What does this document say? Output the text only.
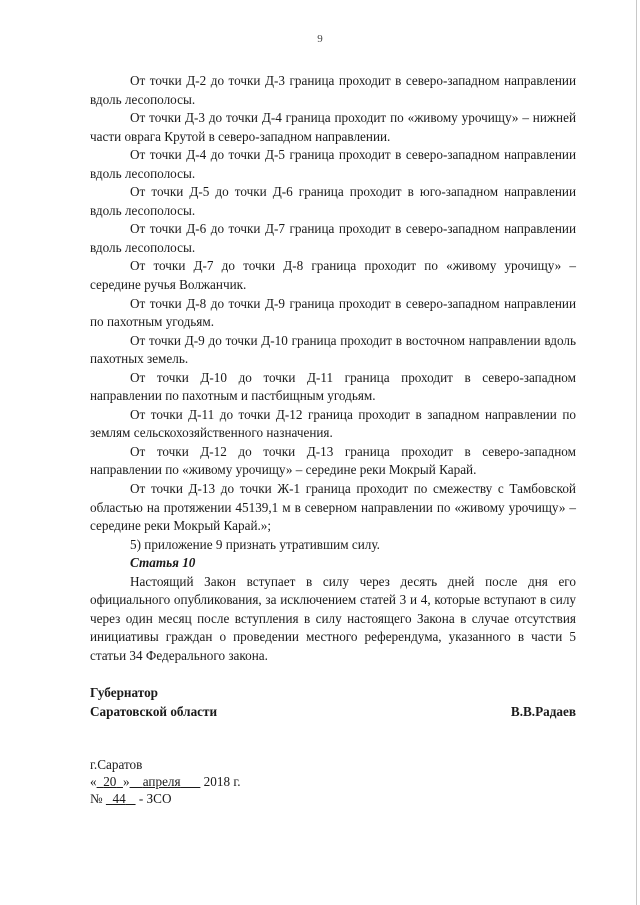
9

От точки Д-2 до точки Д-3 граница проходит в северо-западном направлении вдоль лесополосы.

От точки Д-3 до точки Д-4 граница проходит по «живому урочищу» – нижней части оврага Крутой в северо-западном направлении.

От точки Д-4 до точки Д-5 граница проходит в северо-западном направлении вдоль лесополосы.

От точки Д-5 до точки Д-6 граница проходит в юго-западном направлении вдоль лесополосы.

От точки Д-6 до точки Д-7 граница проходит в северо-западном направлении вдоль лесополосы.

От точки Д-7 до точки Д-8 граница проходит по «живому урочищу» – середине ручья Волжанчик.

От точки Д-8 до точки Д-9 граница проходит в северо-западном направлении по пахотным угодьям.

От точки Д-9 до точки Д-10 граница проходит в восточном направлении вдоль пахотных земель.

От точки Д-10 до точки Д-11 граница проходит в северо-западном направлении по пахотным и пастбищным угодьям.

От точки Д-11 до точки Д-12 граница проходит в западном направлении по землям сельскохозяйственного назначения.

От точки Д-12 до точки Д-13 граница проходит в северо-западном направлении по «живому урочищу» – середине реки Мокрый Карай.

От точки Д-13 до точки Ж-1 граница проходит по смежеству с Тамбовской областью на протяжении 45139,1 м в северном направлении по «живому урочищу» – середине реки Мокрый Карай.»;

5) приложение 9 признать утратившим силу.

Статья 10

Настоящий Закон вступает в силу через десять дней после дня его официального опубликования, за исключением статей 3 и 4, которые вступают в силу через один месяц после вступления в силу настоящего Закона в случае отсутствия инициативы граждан о проведении местного референдума, указанного в части 5 статьи 34 Федерального закона.

Губернатор
Саратовской области	В.В.Радаев
г.Саратов
« 20 » апреля 2018 г.
№ 44 - ЗСО
